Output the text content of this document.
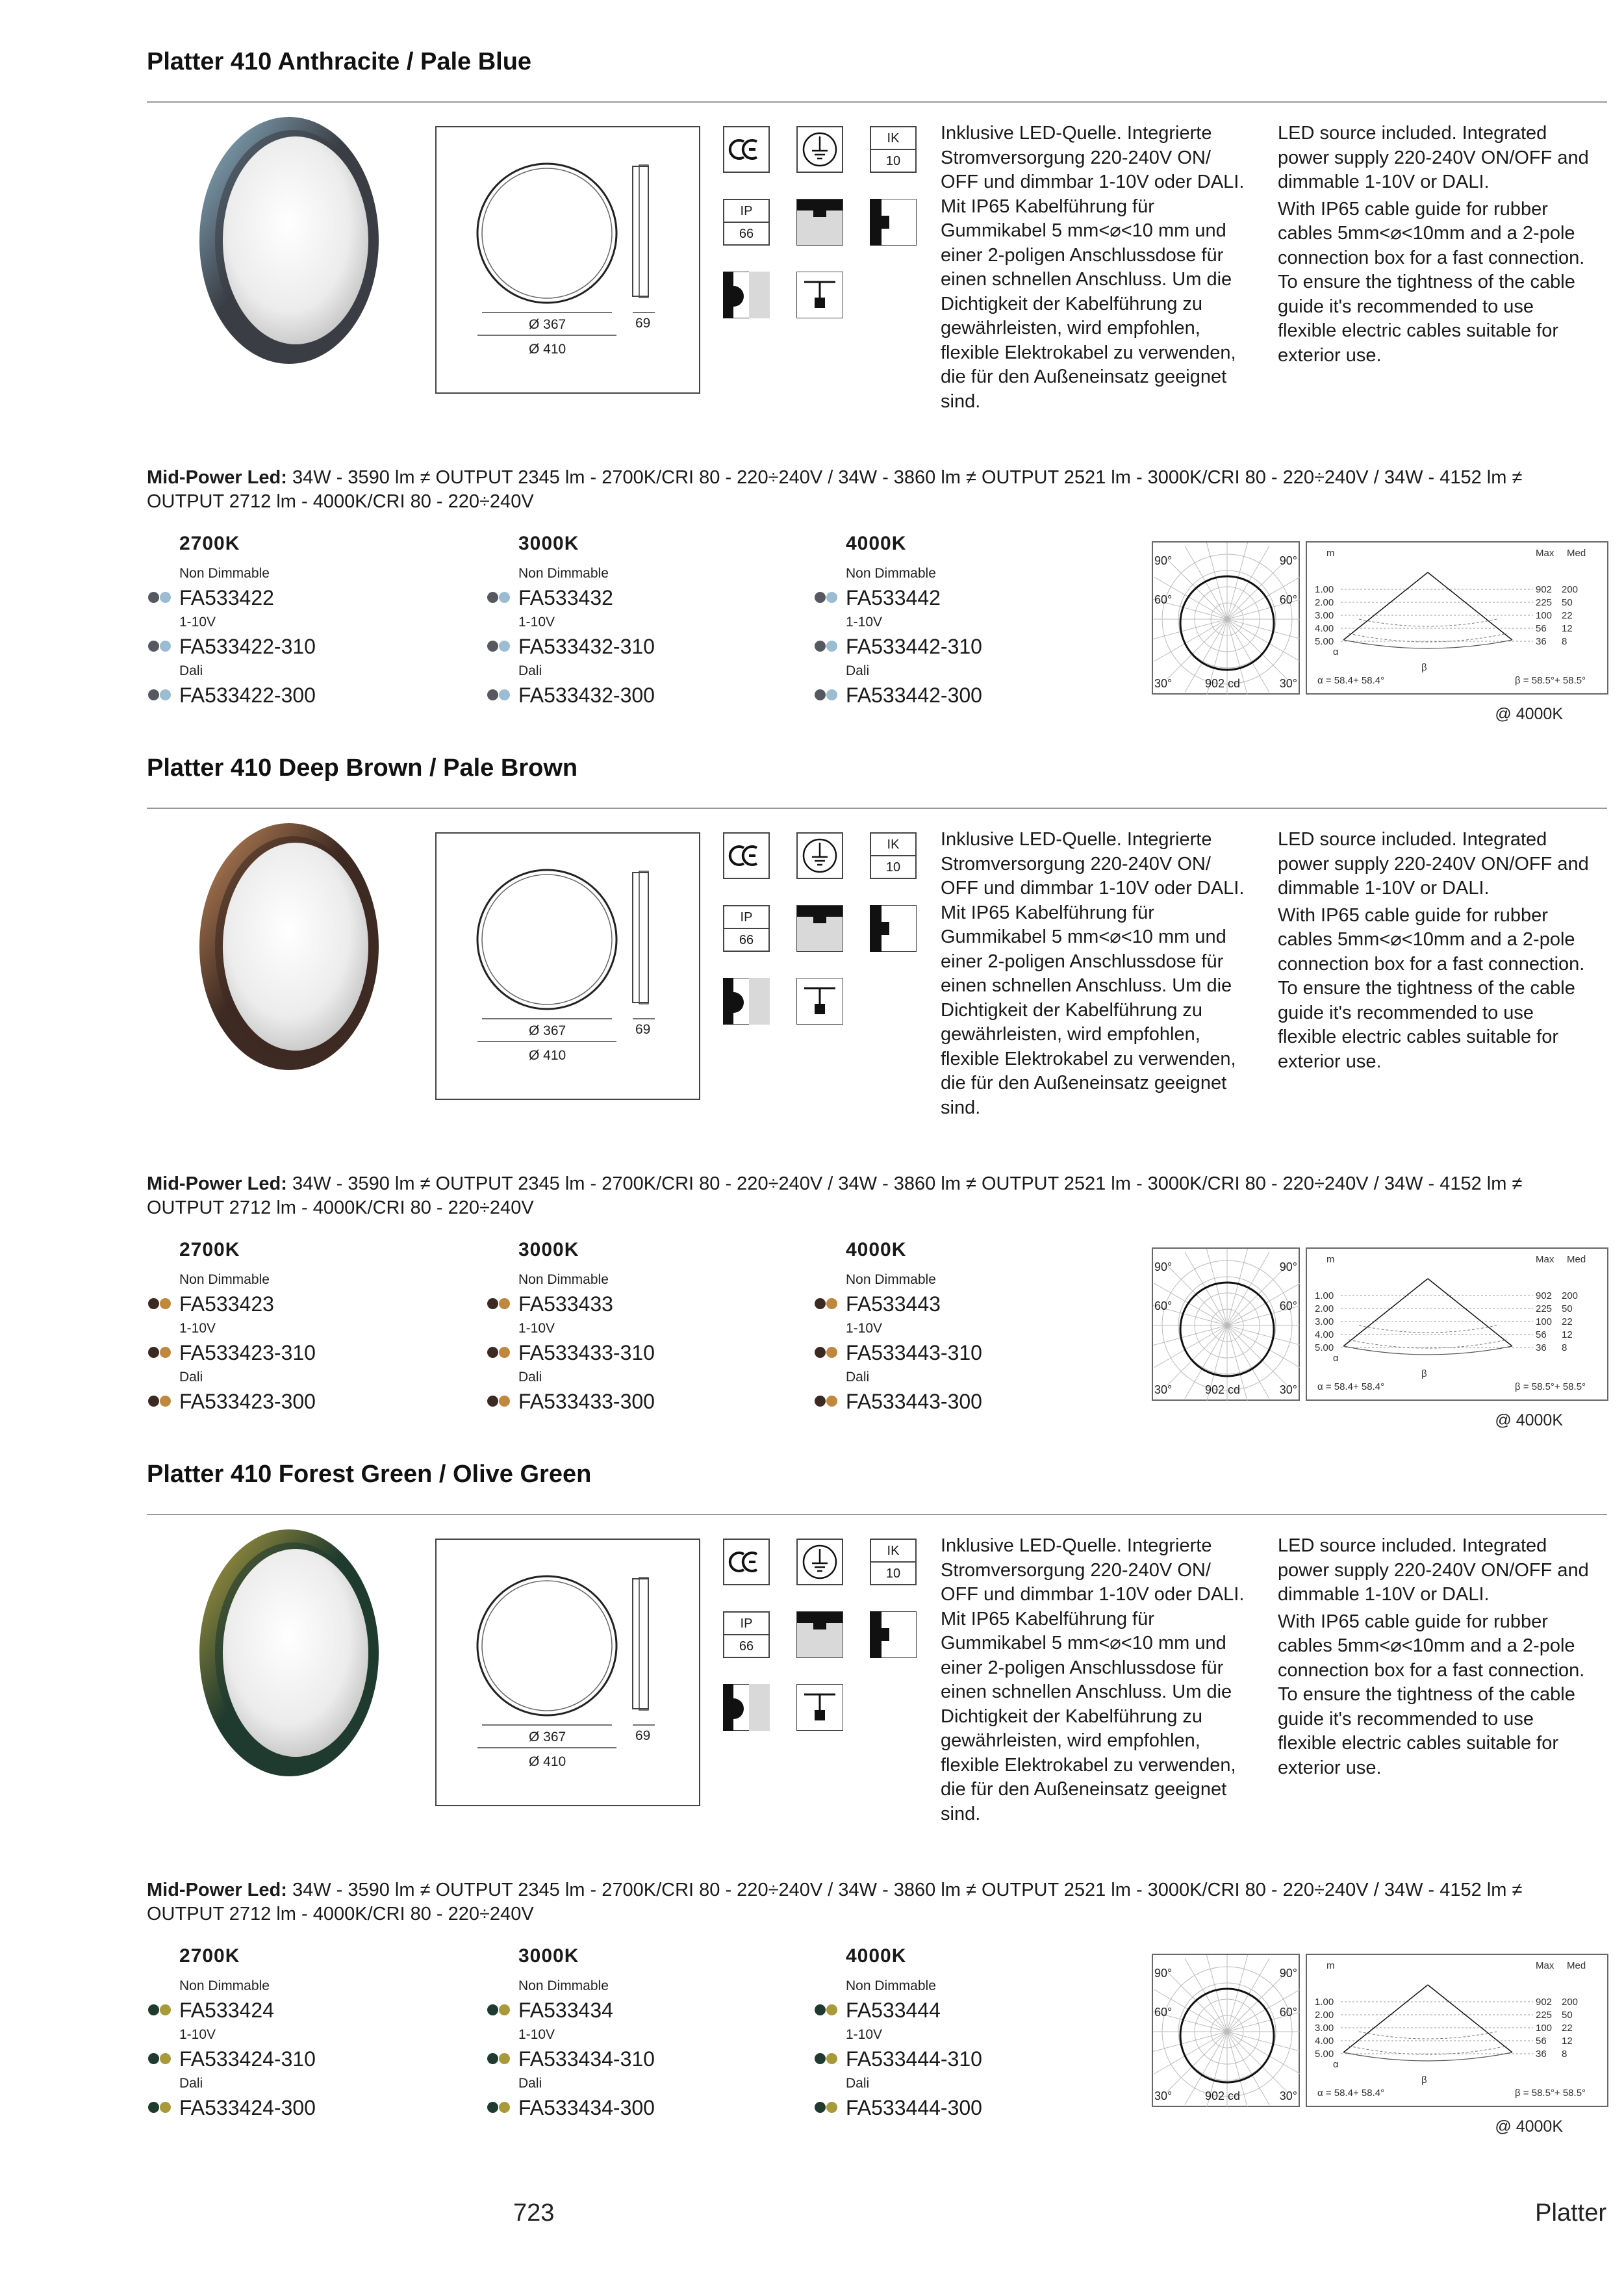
Platter 410 Anthracite / Pale Blue
Ø 367
Ø 410
69
IK
10
IP
66
Inklusive LED-Quelle. Integrierte Stromversorgung 220-240V ON/ OFF und dimmbar 1-10V oder DALI. Mit IP65 Kabelführung für Gummikabel 5 mm<⌀<10 mm und einer 2-poligen Anschlussdose für einen schnellen Anschluss. Um die Dichtigkeit der Kabelführung zu gewährleisten, wird empfohlen, flexible Elektrokabel zu verwenden, die für den Außeneinsatz geeignet sind.
LED source included. Integrated power supply 220-240V ON/OFF and dimmable 1-10V or DALI.
With IP65 cable guide for rubber cables 5mm<⌀<10mm and a 2-pole connection box for a fast connection. To ensure the tightness of the cable guide it's recommended to use flexible electric cables suitable for exterior use.
Mid-Power Led: 34W - 3590 lm ≠ OUTPUT 2345 lm - 2700K/CRI 80 - 220÷240V / 34W - 3860 lm ≠ OUTPUT 2521 lm - 3000K/CRI 80 - 220÷240V / 34W - 4152 lm ≠ OUTPUT 2712 lm - 4000K/CRI 80 - 220÷240V
2700K
Non Dimmable
FA533422
1-10V
FA533422-310
Dali
FA533422-300
3000K
Non Dimmable
FA533432
1-10V
FA533432-310
Dali
FA533432-300
4000K
Non Dimmable
FA533442
1-10V
FA533442-310
Dali
FA533442-300
90°	90°
60°	60°
30°	30°
902 cd
m	Max Med
1.00	902 200
2.00	225 50
3.00	100 22
4.00	56 12
5.00	36 8
α
β
α = 58.4+ 58.4°	β = 58.5°+ 58.5°
@ 4000K
Platter 410 Deep Brown / Pale Brown
Ø 367
Ø 410
69
IK
10
IP
66
Inklusive LED-Quelle. Integrierte Stromversorgung 220-240V ON/ OFF und dimmbar 1-10V oder DALI. Mit IP65 Kabelführung für Gummikabel 5 mm<⌀<10 mm und einer 2-poligen Anschlussdose für einen schnellen Anschluss. Um die Dichtigkeit der Kabelführung zu gewährleisten, wird empfohlen, flexible Elektrokabel zu verwenden, die für den Außeneinsatz geeignet sind.
LED source included. Integrated power supply 220-240V ON/OFF and dimmable 1-10V or DALI.
With IP65 cable guide for rubber cables 5mm<⌀<10mm and a 2-pole connection box for a fast connection. To ensure the tightness of the cable guide it's recommended to use flexible electric cables suitable for exterior use.
Mid-Power Led: 34W - 3590 lm ≠ OUTPUT 2345 lm - 2700K/CRI 80 - 220÷240V / 34W - 3860 lm ≠ OUTPUT 2521 lm - 3000K/CRI 80 - 220÷240V / 34W - 4152 lm ≠ OUTPUT 2712 lm - 4000K/CRI 80 - 220÷240V
2700K
Non Dimmable
FA533423
1-10V
FA533423-310
Dali
FA533423-300
3000K
Non Dimmable
FA533433
1-10V
FA533433-310
Dali
FA533433-300
4000K
Non Dimmable
FA533443
1-10V
FA533443-310
Dali
FA533443-300
90°	90°
60°	60°
30°	30°
902 cd
m	Max Med
1.00	902 200
2.00	225 50
3.00	100 22
4.00	56 12
5.00	36 8
α
β
α = 58.4+ 58.4°	β = 58.5°+ 58.5°
@ 4000K
Platter 410 Forest Green / Olive Green
Ø 367
Ø 410
69
IK
10
IP
66
Inklusive LED-Quelle. Integrierte Stromversorgung 220-240V ON/ OFF und dimmbar 1-10V oder DALI. Mit IP65 Kabelführung für Gummikabel 5 mm<⌀<10 mm und einer 2-poligen Anschlussdose für einen schnellen Anschluss. Um die Dichtigkeit der Kabelführung zu gewährleisten, wird empfohlen, flexible Elektrokabel zu verwenden, die für den Außeneinsatz geeignet sind.
LED source included. Integrated power supply 220-240V ON/OFF and dimmable 1-10V or DALI.
With IP65 cable guide for rubber cables 5mm<⌀<10mm and a 2-pole connection box for a fast connection. To ensure the tightness of the cable guide it's recommended to use flexible electric cables suitable for exterior use.
Mid-Power Led: 34W - 3590 lm ≠ OUTPUT 2345 lm - 2700K/CRI 80 - 220÷240V / 34W - 3860 lm ≠ OUTPUT 2521 lm - 3000K/CRI 80 - 220÷240V / 34W - 4152 lm ≠ OUTPUT 2712 lm - 4000K/CRI 80 - 220÷240V
2700K
Non Dimmable
FA533424
1-10V
FA533424-310
Dali
FA533424-300
3000K
Non Dimmable
FA533434
1-10V
FA533434-310
Dali
FA533434-300
4000K
Non Dimmable
FA533444
1-10V
FA533444-310
Dali
FA533444-300
90°	90°
60°	60°
30°	30°
902 cd
m	Max Med
1.00	902 200
2.00	225 50
3.00	100 22
4.00	56 12
5.00	36 8
α
β
α = 58.4+ 58.4°	β = 58.5°+ 58.5°
@ 4000K
723	Platter
